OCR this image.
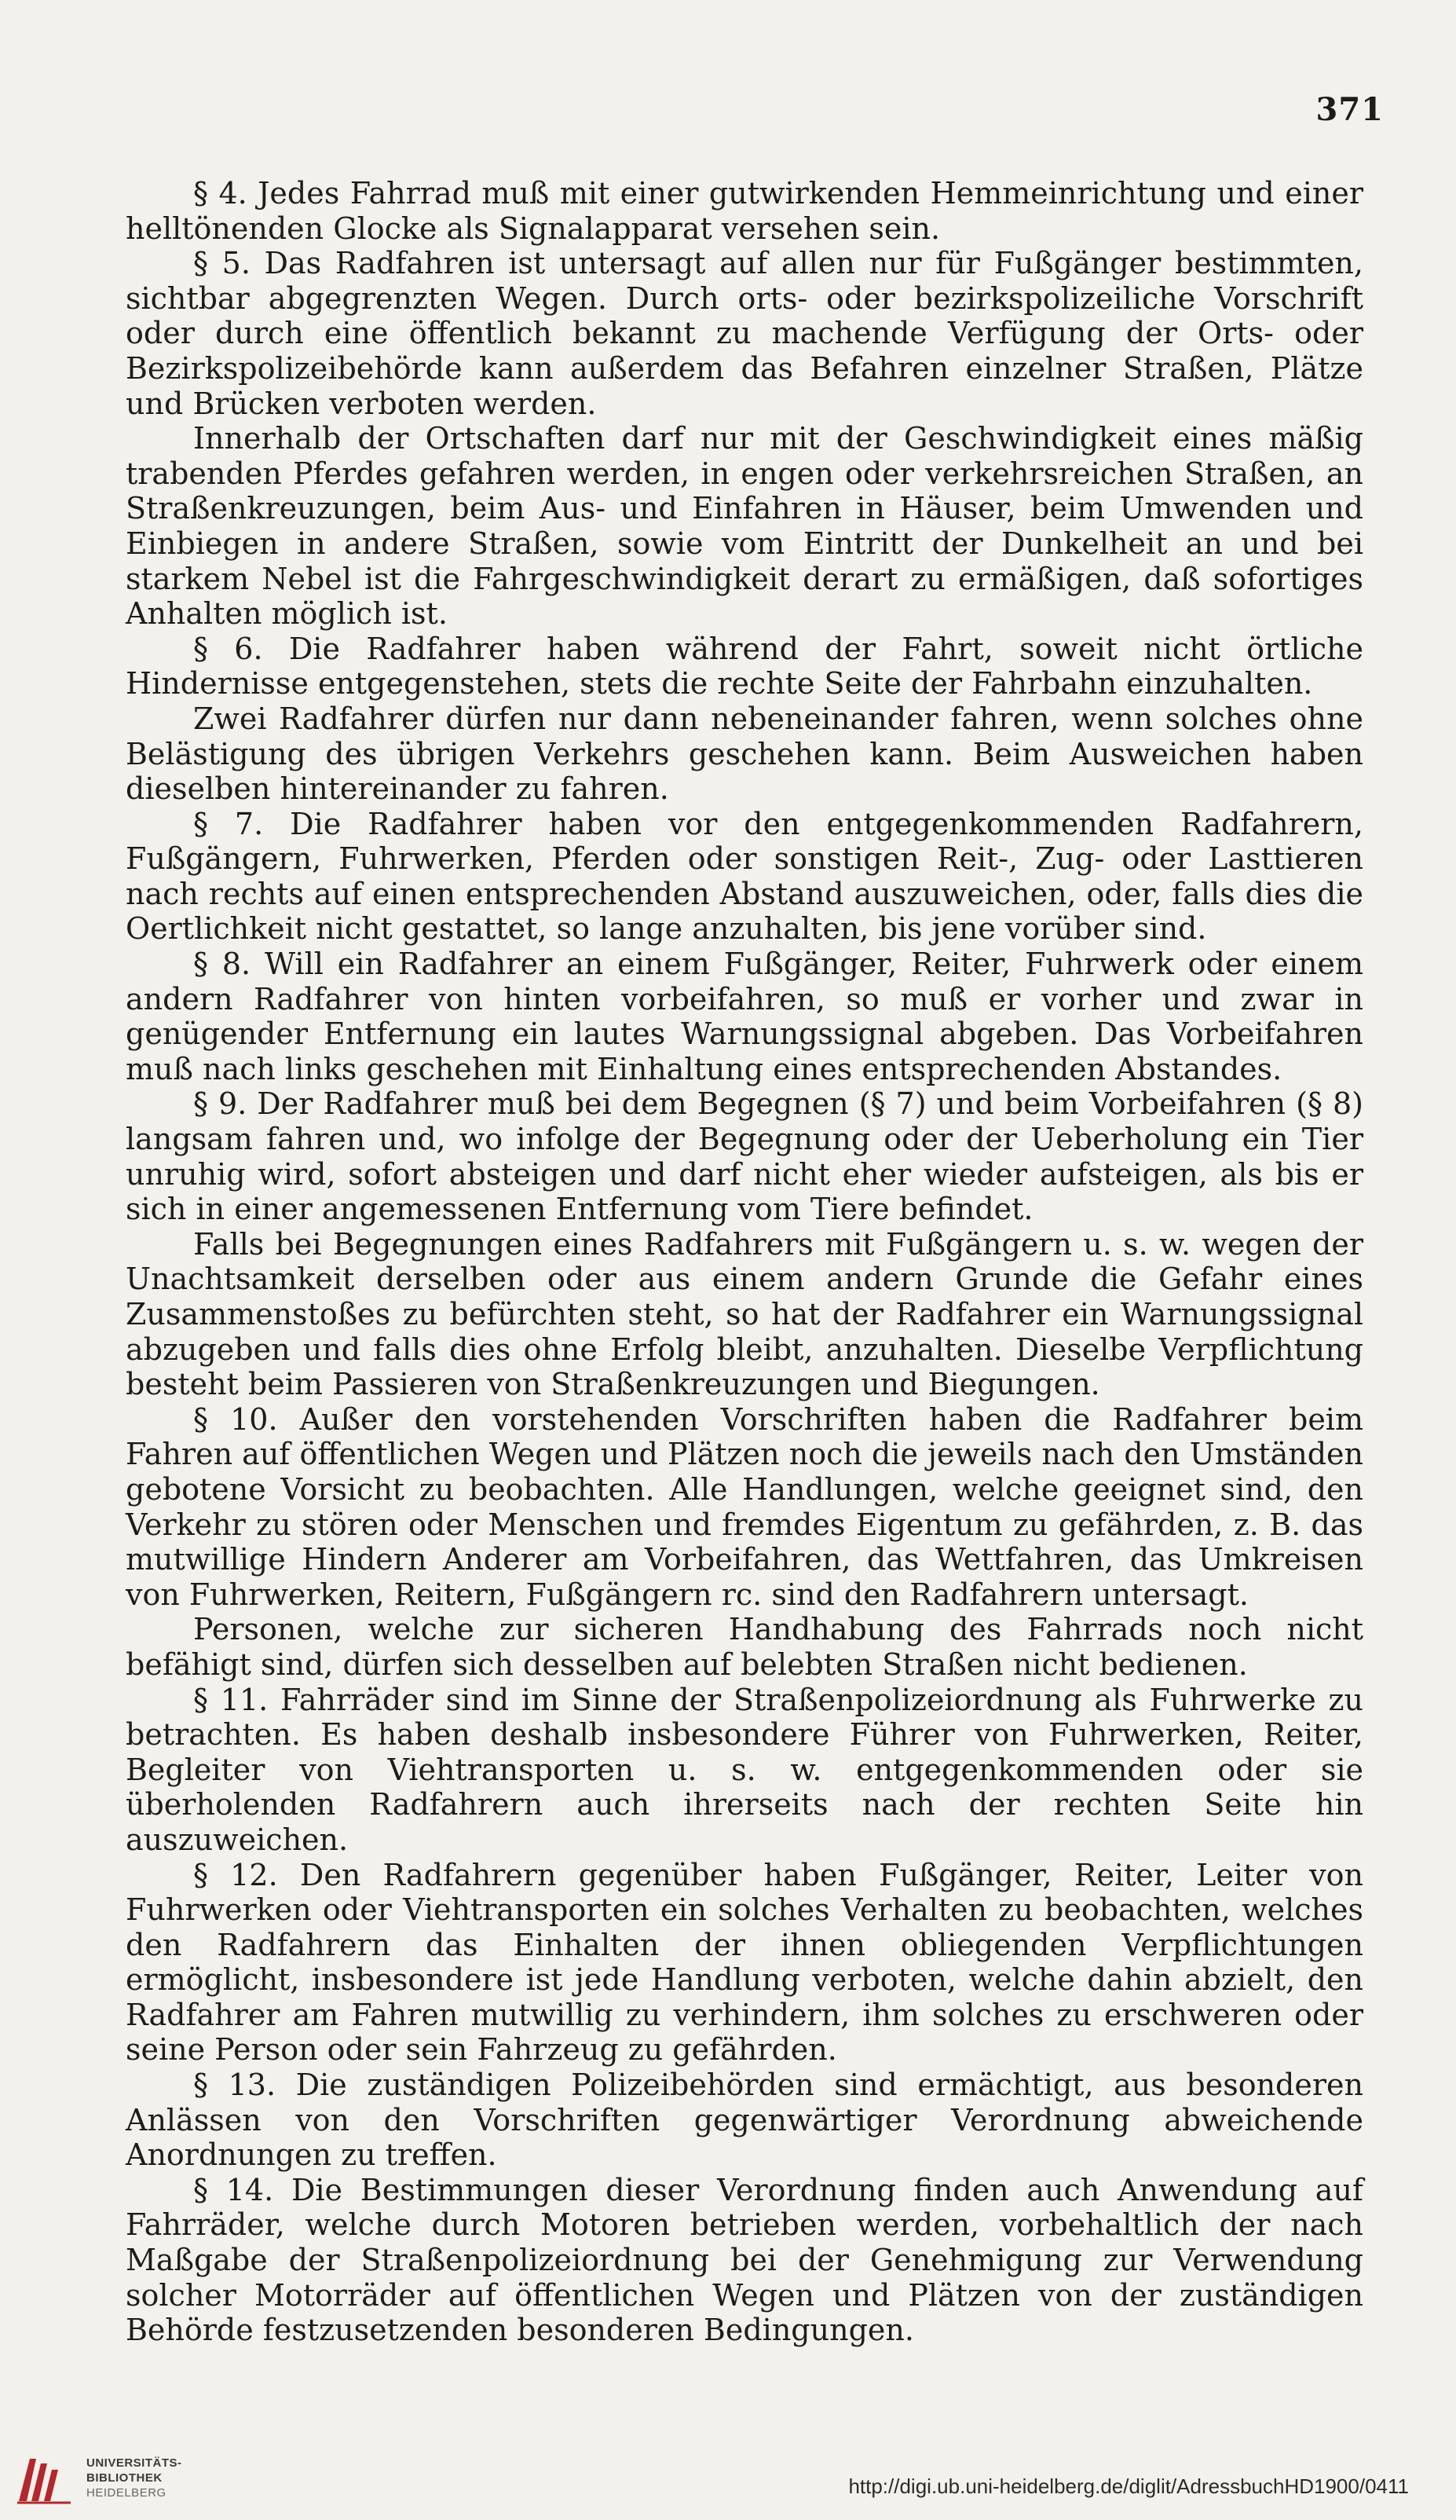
371

§ 4. Jedes Fahrrad muß mit einer gutwirkenden Hemmeinrichtung und einer helltönenden Glocke als Signalapparat versehen sein.

§ 5. Das Radfahren ist untersagt auf allen nur für Fußgänger bestimmten, sichtbar abgegrenzten Wegen. Durch orts- oder bezirkspolizeiliche Vorschrift oder durch eine öffentlich bekannt zu machende Verfügung der Orts- oder Bezirkspolizeibehörde kann außerdem das Befahren einzelner Straßen, Plätze und Brücken verboten werden.

Innerhalb der Ortschaften darf nur mit der Geschwindigkeit eines mäßig trabenden Pferdes gefahren werden, in engen oder verkehrsreichen Straßen, an Straßenkreuzungen, beim Aus- und Einfahren in Häuser, beim Umwenden und Einbiegen in andere Straßen, sowie vom Eintritt der Dunkelheit an und bei starkem Nebel ist die Fahrgeschwindigkeit derart zu ermäßigen, daß sofortiges Anhalten möglich ist.

§ 6. Die Radfahrer haben während der Fahrt, soweit nicht örtliche Hindernisse entgegenstehen, stets die rechte Seite der Fahrbahn einzuhalten.

Zwei Radfahrer dürfen nur dann nebeneinander fahren, wenn solches ohne Belästigung des übrigen Verkehrs geschehen kann. Beim Ausweichen haben dieselben hintereinander zu fahren.

§ 7. Die Radfahrer haben vor den entgegenkommenden Radfahrern, Fußgängern, Fuhrwerken, Pferden oder sonstigen Reit-, Zug- oder Lasttieren nach rechts auf einen entsprechenden Abstand auszuweichen, oder, falls dies die Oertlichkeit nicht gestattet, so lange anzuhalten, bis jene vorüber sind.

§ 8. Will ein Radfahrer an einem Fußgänger, Reiter, Fuhrwerk oder einem andern Radfahrer von hinten vorbeifahren, so muß er vorher und zwar in genügender Entfernung ein lautes Warnungssignal abgeben. Das Vorbeifahren muß nach links geschehen mit Einhaltung eines entsprechenden Abstandes.

§ 9. Der Radfahrer muß bei dem Begegnen (§ 7) und beim Vorbeifahren (§ 8) langsam fahren und, wo infolge der Begegnung oder der Ueberholung ein Tier unruhig wird, sofort absteigen und darf nicht eher wieder aufsteigen, als bis er sich in einer angemessenen Entfernung vom Tiere befindet.

Falls bei Begegnungen eines Radfahrers mit Fußgängern u. s. w. wegen der Unachtsamkeit derselben oder aus einem andern Grunde die Gefahr eines Zusammenstoßes zu befürchten steht, so hat der Radfahrer ein Warnungssignal abzugeben und falls dies ohne Erfolg bleibt, anzuhalten. Dieselbe Verpflichtung besteht beim Passieren von Straßenkreuzungen und Biegungen.

§ 10. Außer den vorstehenden Vorschriften haben die Radfahrer beim Fahren auf öffentlichen Wegen und Plätzen noch die jeweils nach den Umständen gebotene Vorsicht zu beobachten. Alle Handlungen, welche geeignet sind, den Verkehr zu stören oder Menschen und fremdes Eigentum zu gefährden, z. B. das mutwillige Hindern Anderer am Vorbeifahren, das Wettfahren, das Umkreisen von Fuhrwerken, Reitern, Fußgängern rc. sind den Radfahrern untersagt.

Personen, welche zur sicheren Handhabung des Fahrrads noch nicht befähigt sind, dürfen sich desselben auf belebten Straßen nicht bedienen.

§ 11. Fahrräder sind im Sinne der Straßenpolizeiordnung als Fuhrwerke zu betrachten. Es haben deshalb insbesondere Führer von Fuhrwerken, Reiter, Begleiter von Viehtransporten u. s. w. entgegenkommenden oder sie überholenden Radfahrern auch ihrerseits nach der rechten Seite hin auszuweichen.

§ 12. Den Radfahrern gegenüber haben Fußgänger, Reiter, Leiter von Fuhrwerken oder Viehtransporten ein solches Verhalten zu beobachten, welches den Radfahrern das Einhalten der ihnen obliegenden Verpflichtungen ermöglicht, insbesondere ist jede Handlung verboten, welche dahin abzielt, den Radfahrer am Fahren mutwillig zu verhindern, ihm solches zu erschweren oder seine Person oder sein Fahrzeug zu gefährden.

§ 13. Die zuständigen Polizeibehörden sind ermächtigt, aus besonderen Anlässen von den Vorschriften gegenwärtiger Verordnung abweichende Anordnungen zu treffen.

§ 14. Die Bestimmungen dieser Verordnung finden auch Anwendung auf Fahrräder, welche durch Motoren betrieben werden, vorbehaltlich der nach Maßgabe der Straßenpolizeiordnung bei der Genehmigung zur Verwendung solcher Motorräder auf öffentlichen Wegen und Plätzen von der zuständigen Behörde festzusetzenden besonderen Bedingungen.

UNIVERSITÄTS-
BIBLIOTHEK
HEIDELBERG	http://digi.ub.uni-heidelberg.de/diglit/AdressbuchHD1900/0411
